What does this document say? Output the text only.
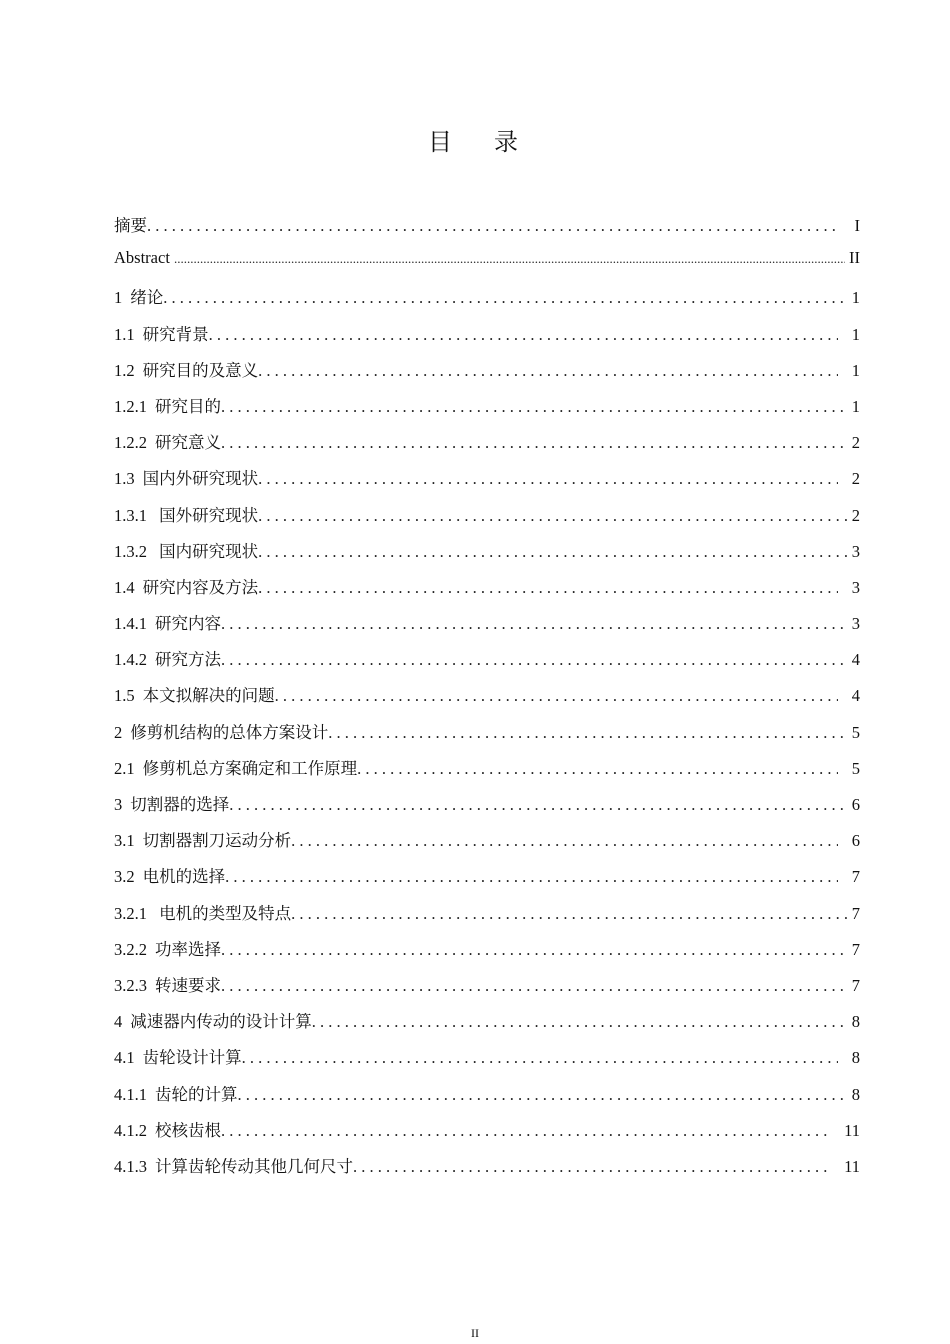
目 录
摘要 . . .	I
Abstract .....	II
1 绪论 . . .	1
1.1 研究背景 . . .	1
1.2 研究目的及意义 . . .	1
1.2.1 研究目的 . . .	1
1.2.2 研究意义 . . .	2
1.3 国内外研究现状 . . .	2
1.3.1 国外研究现状 . . .	2
1.3.2 国内研究现状 . . .	3
1.4 研究内容及方法 . . .	3
1.4.1 研究内容 . . .	3
1.4.2 研究方法 . . .	4
1.5 本文拟解决的问题 . . .	4
2 修剪机结构的总体方案设计 . . .	5
2.1 修剪机总方案确定和工作原理 . . .	5
3 切割器的选择 . . .	6
3.1 切割器割刀运动分析 . . .	6
3.2 电机的选择 . . .	7
3.2.1 电机的类型及特点 . . .	7
3.2.2 功率选择 . . .	7
3.2.3 转速要求 . . .	7
4 减速器内传动的设计计算 . . .	8
4.1 齿轮设计计算 . . .	8
4.1.1 齿轮的计算 . . .	8
4.1.2 校核齿根 . . .	11
4.1.3 计算齿轮传动其他几何尺寸 . . .	11
II
